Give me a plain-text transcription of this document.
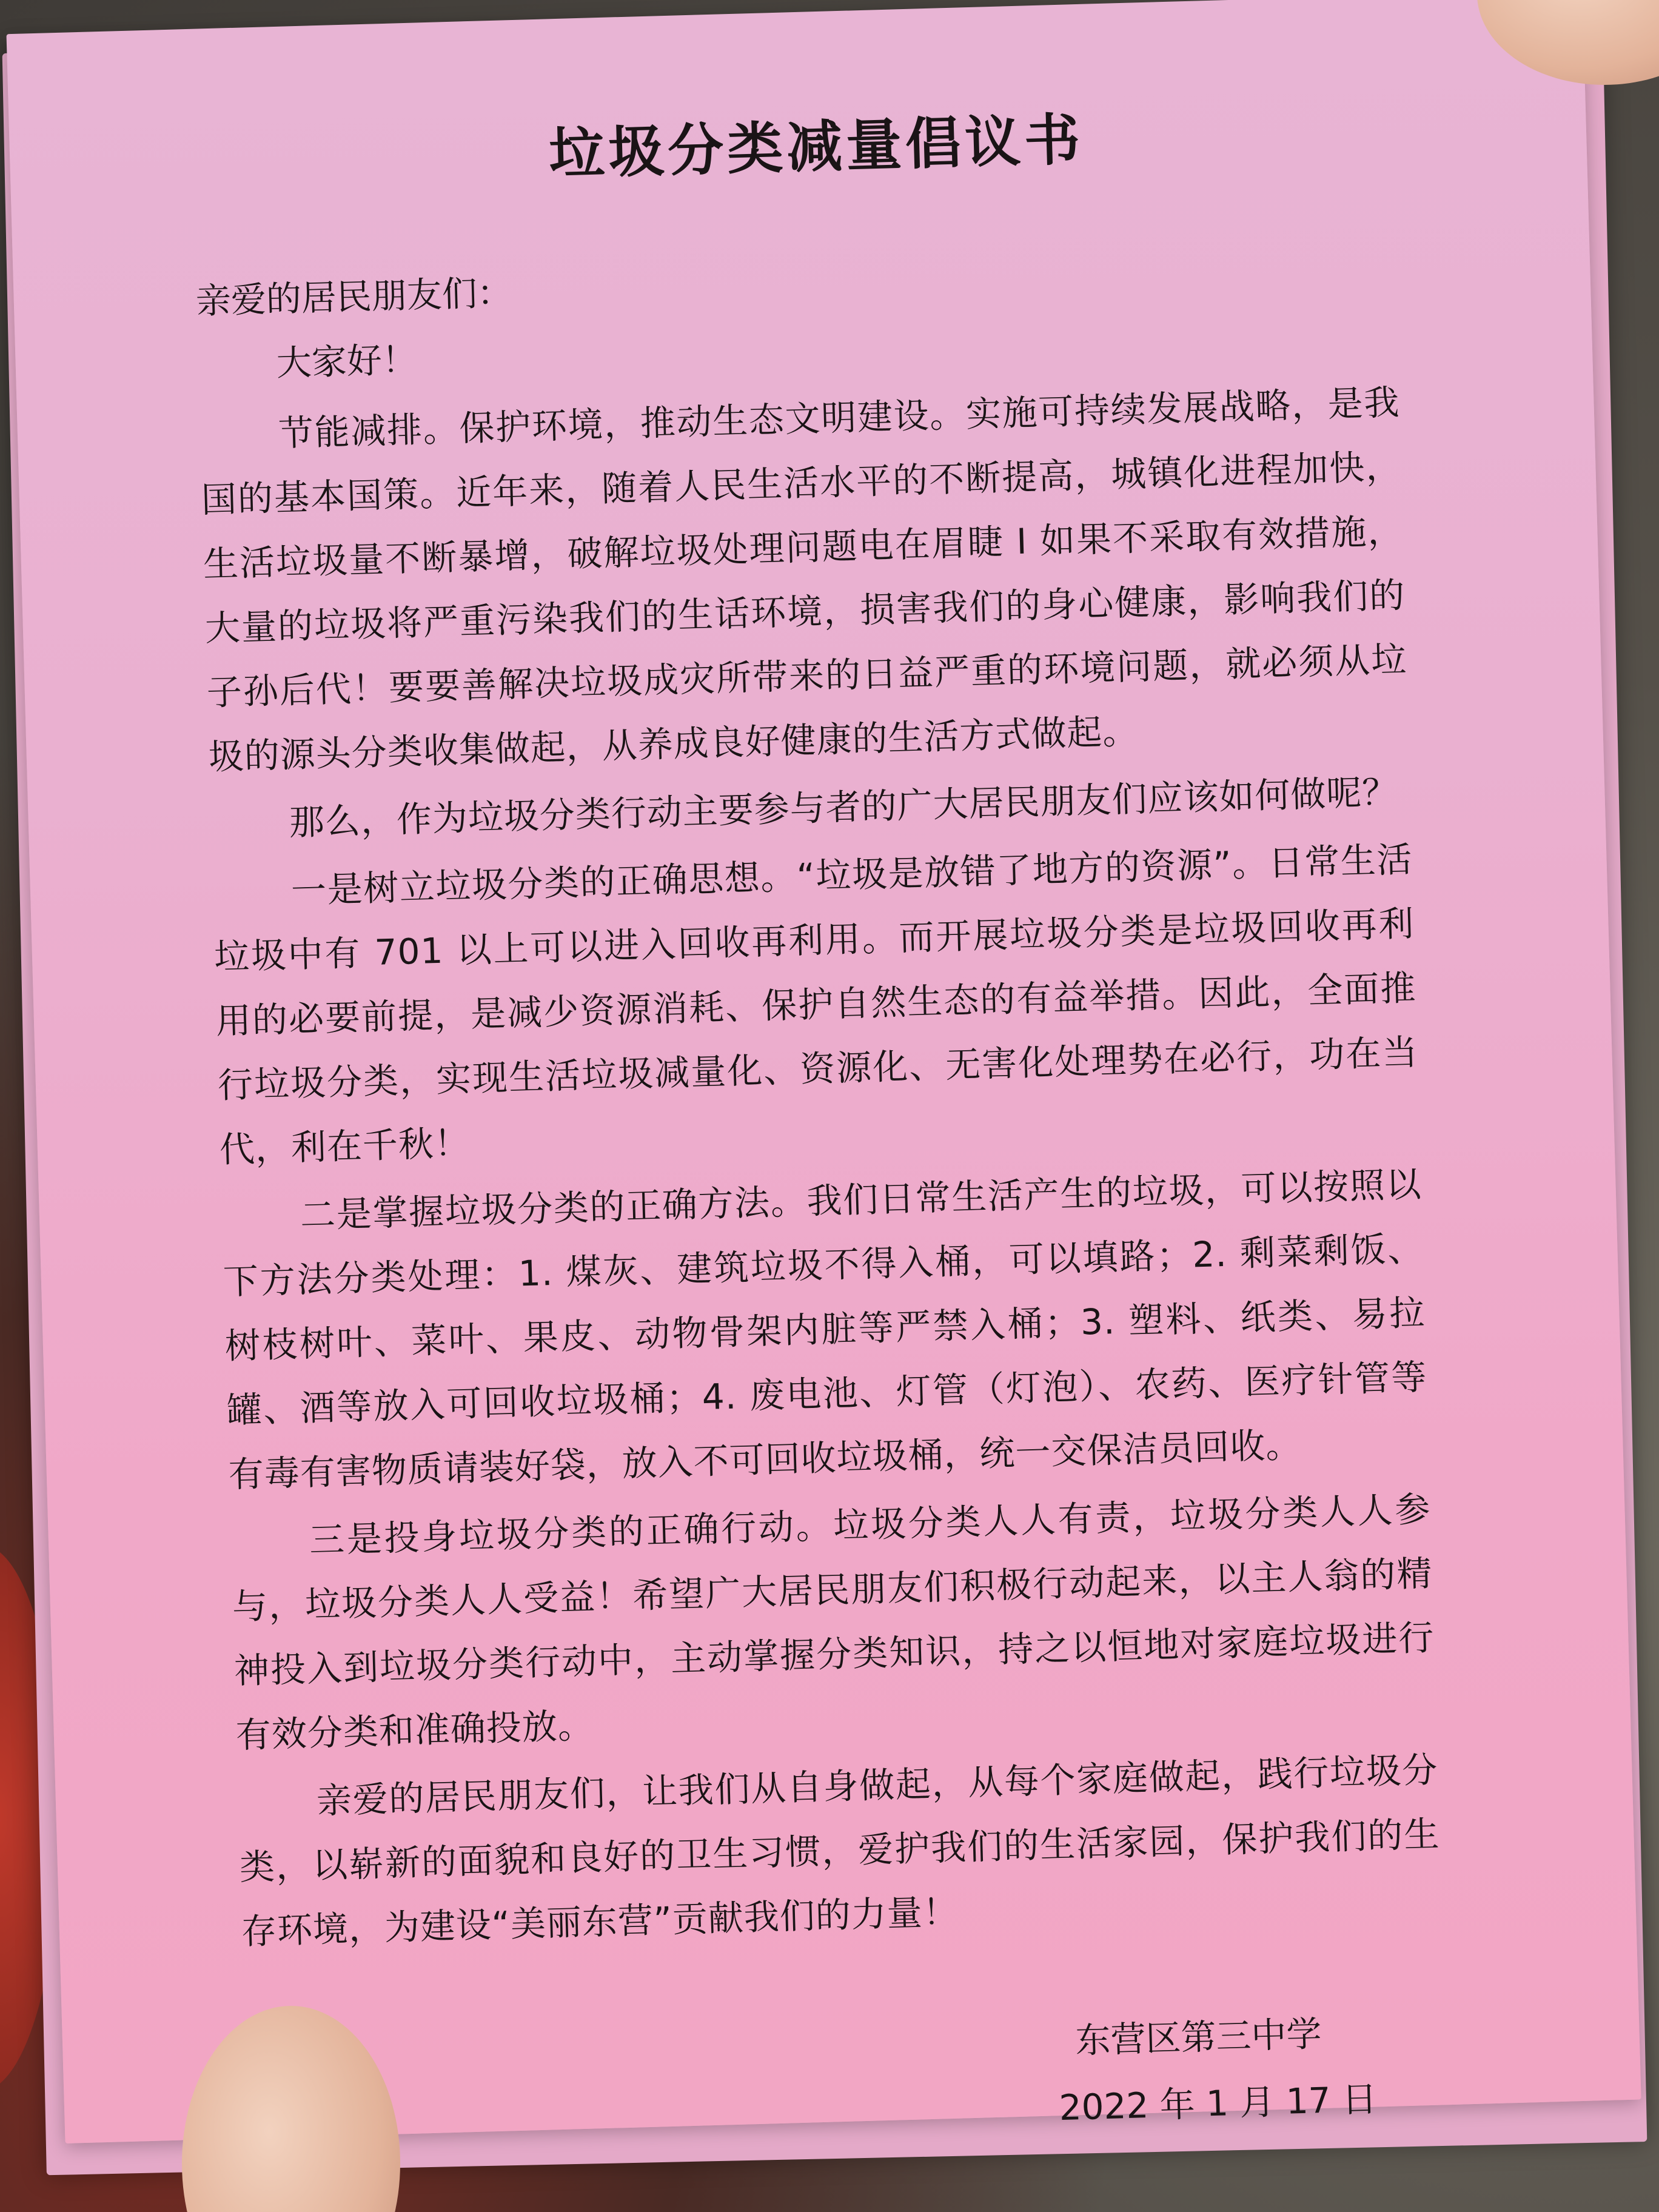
垃圾分类减量倡议书

亲爱的居民朋友们：

大家好！

节能减排。保护环境，推动生态文明建设。实施可持续发展战略，是我国的基本国策。近年来，随着人民生活水平的不断提高，城镇化进程加快，生活垃圾量不断暴增，破解垃圾处理问题电在眉睫 I 如果不采取有效措施，大量的垃圾将严重污染我们的生话环境，损害我们的身心健康，影响我们的子孙后代！要要善解决垃圾成灾所带来的日益严重的环境问题，就必须从垃圾的源头分类收集做起，从养成良好健康的生活方式做起。

那么，作为垃圾分类行动主要参与者的广大居民朋友们应该如何做呢？

一是树立垃圾分类的正确思想。“垃圾是放错了地方的资源”。日常生活垃圾中有 701 以上可以进入回收再利用。而开展垃圾分类是垃圾回收再利用的必要前提，是减少资源消耗、保护自然生态的有益举措。因此，全面推行垃圾分类，实现生活垃圾减量化、资源化、无害化处理势在必行，功在当代，利在千秋！

二是掌握垃圾分类的正确方法。我们日常生活产生的垃圾，可以按照以下方法分类处理：1. 煤灰、建筑垃圾不得入桶，可以填路；2. 剩菜剩饭、树枝树叶、菜叶、果皮、动物骨架内脏等严禁入桶；3. 塑料、纸类、易拉罐、酒等放入可回收垃圾桶；4. 废电池、灯管（灯泡）、农药、医疗针管等有毒有害物质请装好袋，放入不可回收垃圾桶，统一交保洁员回收。

三是投身垃圾分类的正确行动。垃圾分类人人有责，垃圾分类人人参与，垃圾分类人人受益！希望广大居民朋友们积极行动起来，以主人翁的精神投入到垃圾分类行动中，主动掌握分类知识，持之以恒地对家庭垃圾进行有效分类和准确投放。

亲爱的居民朋友们，让我们从自身做起，从每个家庭做起，践行垃圾分类，以崭新的面貌和良好的卫生习惯，爱护我们的生活家园，保护我们的生存环境，为建设“美丽东营”贡献我们的力量！

东营区第三中学
2022 年 1 月 17 日
